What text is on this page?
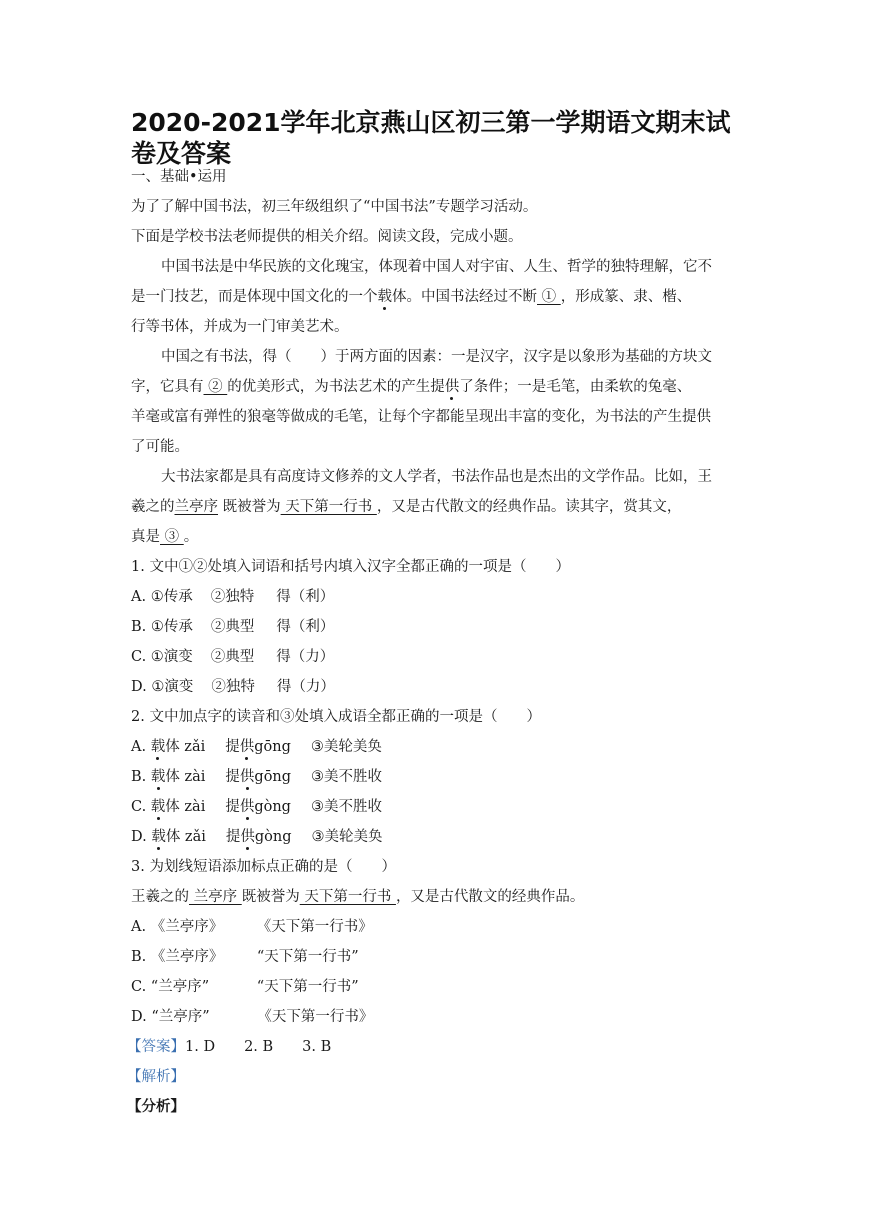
2020-2021学年北京燕山区初三第一学期语文期末试卷及答案
一、基础•运用
为了了解中国书法，初三年级组织了“中国书法”专题学习活动。
下面是学校书法老师提供的相关介绍。阅读文段，完成小题。
中国书法是中华民族的文化瑰宝，体现着中国人对宇宙、人生、哲学的独特理解，它不
是一门技艺，而是体现中国文化的一个载体。中国书法经过不断 ① ，形成篆、隶、楷、
行等书体，并成为一门审美艺术。
中国之有书法，得（　　）于两方面的因素：一是汉字，汉字是以象形为基础的方块文
字，它具有 ② 的优美形式，为书法艺术的产生提供了条件；一是毛笔，由柔软的兔毫、
羊毫或富有弹性的狼毫等做成的毛笔，让每个字都能呈现出丰富的变化，为书法的产生提供
了可能。
大书法家都是具有高度诗文修养的文人学者，书法作品也是杰出的文学作品。比如，王
羲之的兰亭序 既被誉为 天下第一行书 ，又是古代散文的经典作品。读其字，赏其文，
真是 ③ 。
1. 文中①②处填入词语和括号内填入汉字全都正确的一项是（　　）
A. ①传承 ②独特 得（利）
B. ①传承 ②典型 得（利）
C. ①演变 ②典型 得（力）
D. ①演变 ②独特 得（力）
2. 文中加点字的读音和③处填入成语全都正确的一项是（　　）
A. 载体 zǎi 提供gōng ③美轮美奂
B. 载体 zài 提供gōng ③美不胜收
C. 载体 zài 提供gòng ③美不胜收
D. 载体 zǎi 提供gòng ③美轮美奂
3. 为划线短语添加标点正确的是（　　）
王羲之的 兰亭序 既被誉为 天下第一行书 ，又是古代散文的经典作品。
A. 《兰亭序》 《天下第一行书》
B. 《兰亭序》 “天下第一行书”
C. “兰亭序”	“天下第一行书”
D. “兰亭序”	《天下第一行书》
【答案】1. D　　2. B　　3. B
【解析】
【分析】
